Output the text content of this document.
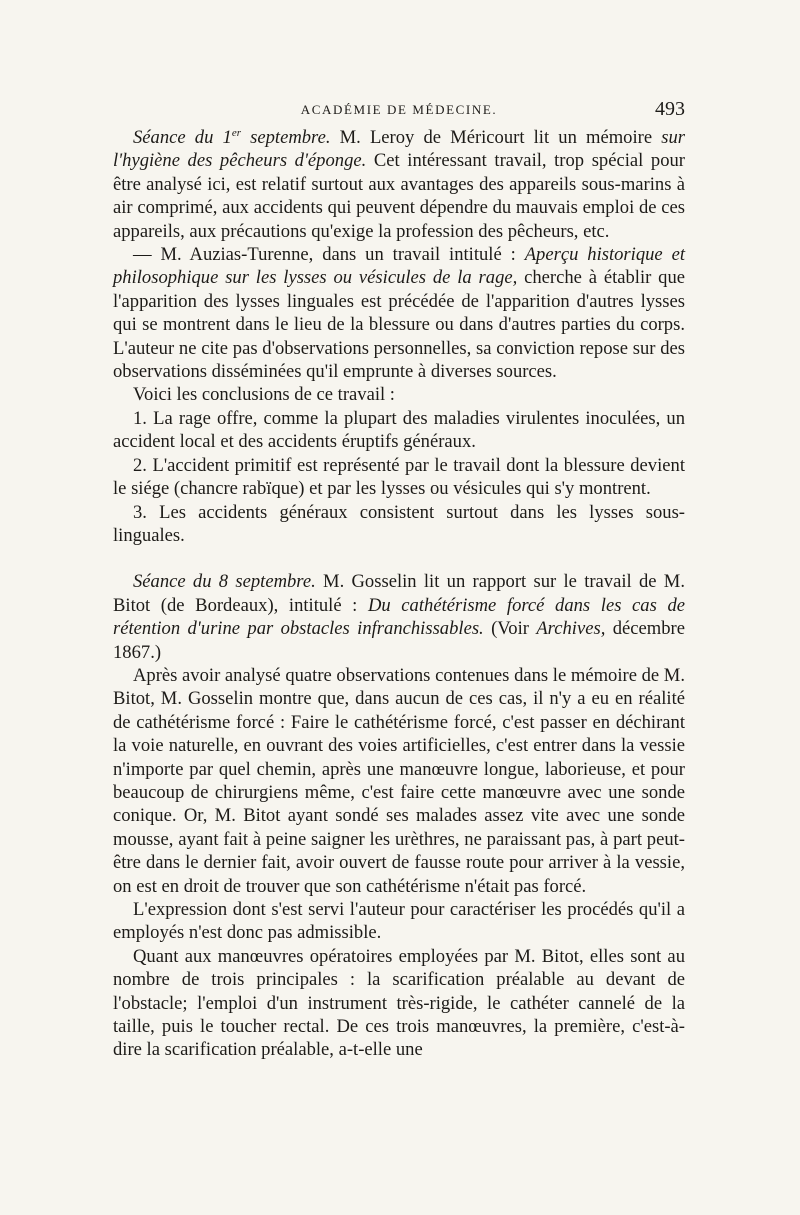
ACADÉMIE DE MÉDECINE.	493

Séance du 1er septembre. M. Leroy de Méricourt lit un mémoire sur l'hygiène des pêcheurs d'éponge. Cet intéressant travail, trop spécial pour être analysé ici, est relatif surtout aux avantages des appareils sous-marins à air comprimé, aux accidents qui peuvent dépendre du mauvais emploi de ces appareils, aux précautions qu'exige la profession des pêcheurs, etc.

— M. Auzias-Turenne, dans un travail intitulé : Aperçu historique et philosophique sur les lysses ou vésicules de la rage, cherche à établir que l'apparition des lysses linguales est précédée de l'apparition d'autres lysses qui se montrent dans le lieu de la blessure ou dans d'autres parties du corps. L'auteur ne cite pas d'observations personnelles, sa conviction repose sur des observations disséminées qu'il emprunte à diverses sources.

Voici les conclusions de ce travail :

1. La rage offre, comme la plupart des maladies virulentes inoculées, un accident local et des accidents éruptifs généraux.

2. L'accident primitif est représenté par le travail dont la blessure devient le siége (chancre rabïque) et par les lysses ou vésicules qui s'y montrent.

3. Les accidents généraux consistent surtout dans les lysses sous-linguales.

Séance du 8 septembre. M. Gosselin lit un rapport sur le travail de M. Bitot (de Bordeaux), intitulé : Du cathétérisme forcé dans les cas de rétention d'urine par obstacles infranchissables. (Voir Archives, décembre 1867.)

Après avoir analysé quatre observations contenues dans le mémoire de M. Bitot, M. Gosselin montre que, dans aucun de ces cas, il n'y a eu en réalité de cathétérisme forcé : Faire le cathétérisme forcé, c'est passer en déchirant la voie naturelle, en ouvrant des voies artificielles, c'est entrer dans la vessie n'importe par quel chemin, après une manœuvre longue, laborieuse, et pour beaucoup de chirurgiens même, c'est faire cette manœuvre avec une sonde conique. Or, M. Bitot ayant sondé ses malades assez vite avec une sonde mousse, ayant fait à peine saigner les urèthres, ne paraissant pas, à part peut-être dans le dernier fait, avoir ouvert de fausse route pour arriver à la vessie, on est en droit de trouver que son cathétérisme n'était pas forcé.

L'expression dont s'est servi l'auteur pour caractériser les procédés qu'il a employés n'est donc pas admissible.

Quant aux manœuvres opératoires employées par M. Bitot, elles sont au nombre de trois principales : la scarification préalable au devant de l'obstacle; l'emploi d'un instrument très-rigide, le cathéter cannelé de la taille, puis le toucher rectal. De ces trois manœuvres, la première, c'est-à-dire la scarification préalable, a-t-elle une
